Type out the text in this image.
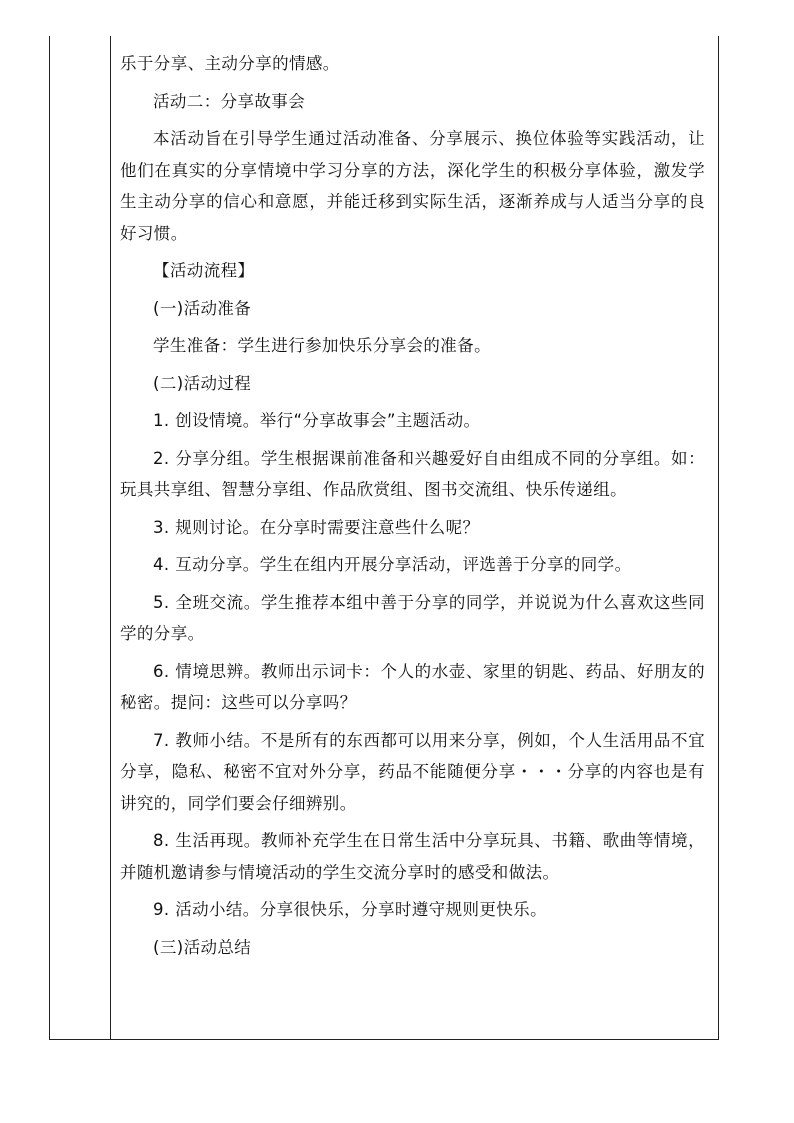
乐于分享、主动分享的情感。

活动二：分享故事会

本活动旨在引导学生通过活动准备、分享展示、换位体验等实践活动，让他们在真实的分享情境中学习分享的方法，深化学生的积极分享体验，激发学生主动分享的信心和意愿，并能迁移到实际生活，逐渐养成与人适当分享的良好习惯。

【活动流程】

(一)活动准备

学生准备：学生进行参加快乐分享会的准备。

(二)活动过程

1. 创设情境。举行“分享故事会”主题活动。

2. 分享分组。学生根据课前准备和兴趣爱好自由组成不同的分享组。如：玩具共享组、智慧分享组、作品欣赏组、图书交流组、快乐传递组。

3. 规则讨论。在分享时需要注意些什么呢？

4. 互动分享。学生在组内开展分享活动，评选善于分享的同学。

5. 全班交流。学生推荐本组中善于分享的同学，并说说为什么喜欢这些同学的分享。

6. 情境思辨。教师出示词卡：个人的水壶、家里的钥匙、药品、好朋友的秘密。提问：这些可以分享吗？

7. 教师小结。不是所有的东西都可以用来分享，例如，个人生活用品不宜分享，隐私、秘密不宜对外分享，药品不能随便分享・・・分享的内容也是有讲究的，同学们要会仔细辨别。

8. 生活再现。教师补充学生在日常生活中分享玩具、书籍、歌曲等情境，并随机邀请参与情境活动的学生交流分享时的感受和做法。

9. 活动小结。分享很快乐，分享时遵守规则更快乐。

(三)活动总结
